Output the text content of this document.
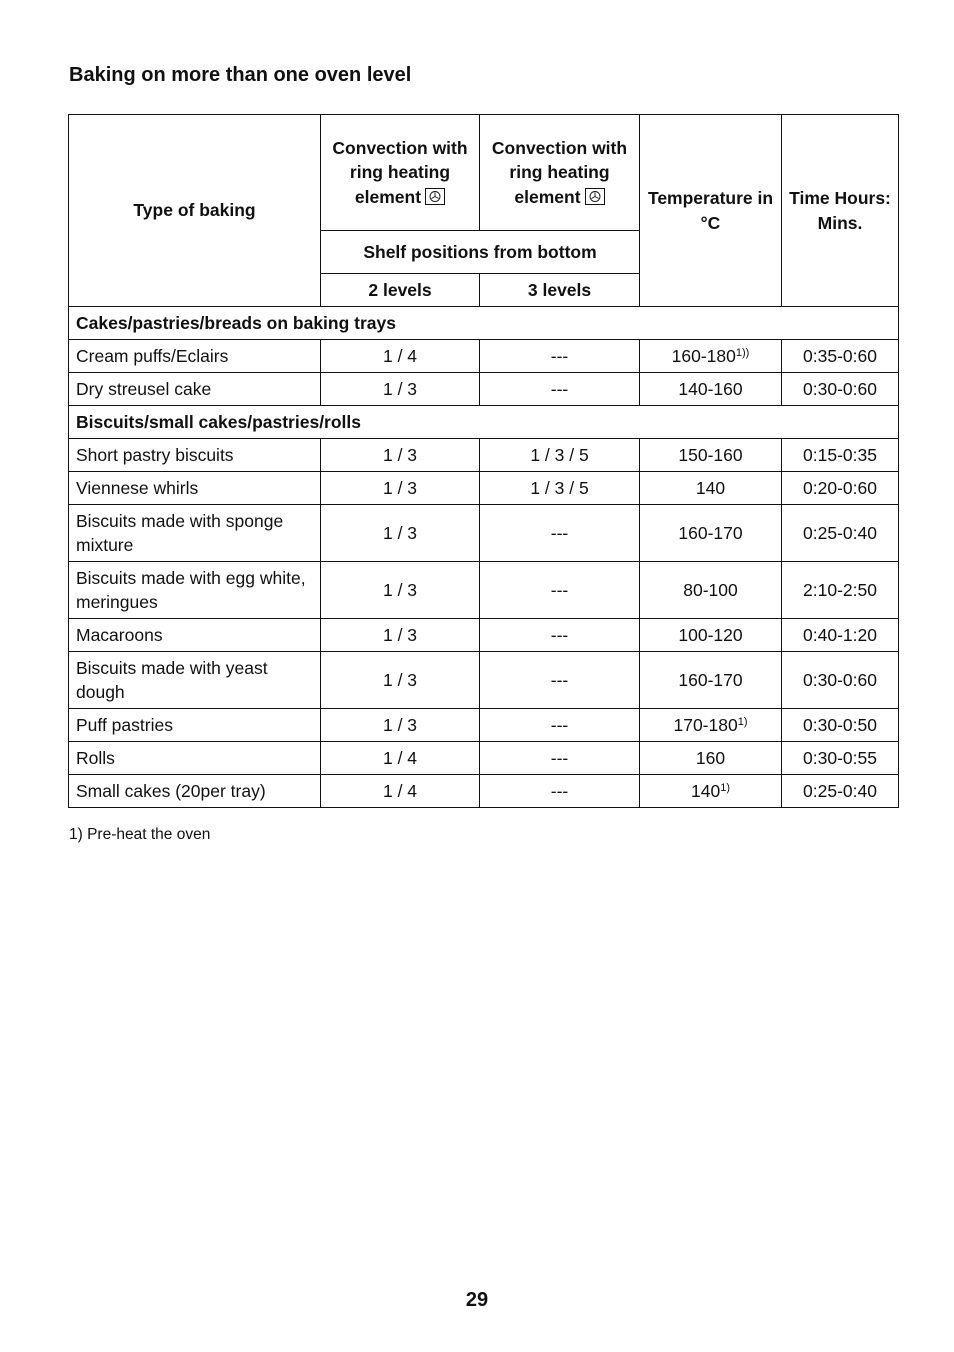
Baking on more than one oven level
Type of baking	Convection with ring heating element	Convection with ring heating element	Temperature in °C	Time Hours: Mins.
	Shelf positions from bottom			
	2 levels	3 levels		
Cakes/pastries/breads on baking trays				
Cream puffs/Eclairs	1 / 4	---	$160-180^{1))}$	0:35-0:60
Dry streusel cake	1 / 3	---	140-160	0:30-0:60
Biscuits/small cakes/pastries/rolls				
Short pastry biscuits	1 / 3	1 / 3 / 5	150-160	0:15-0:35
Viennese whirls	1 / 3	1 / 3 / 5	140	0:20-0:60
Biscuits made with sponge mixture	1 / 3	---	160-170	0:25-0:40
Biscuits made with egg white, meringues	1 / 3	---	80-100	2:10-2:50
Macaroons	1 / 3	---	100-120	0:40-1:20
Biscuits made with yeast dough	1 / 3	---	160-170	0:30-0:60
Puff pastries	1 / 3	---	170-180$^{1)}$	0:30-0:50
Rolls	1 / 4	---	160	0:30-0:55
Small cakes (20per tray)	1 / 4	---	140$^{1)}$	0:25-0:40
1) Pre-heat the oven
29
